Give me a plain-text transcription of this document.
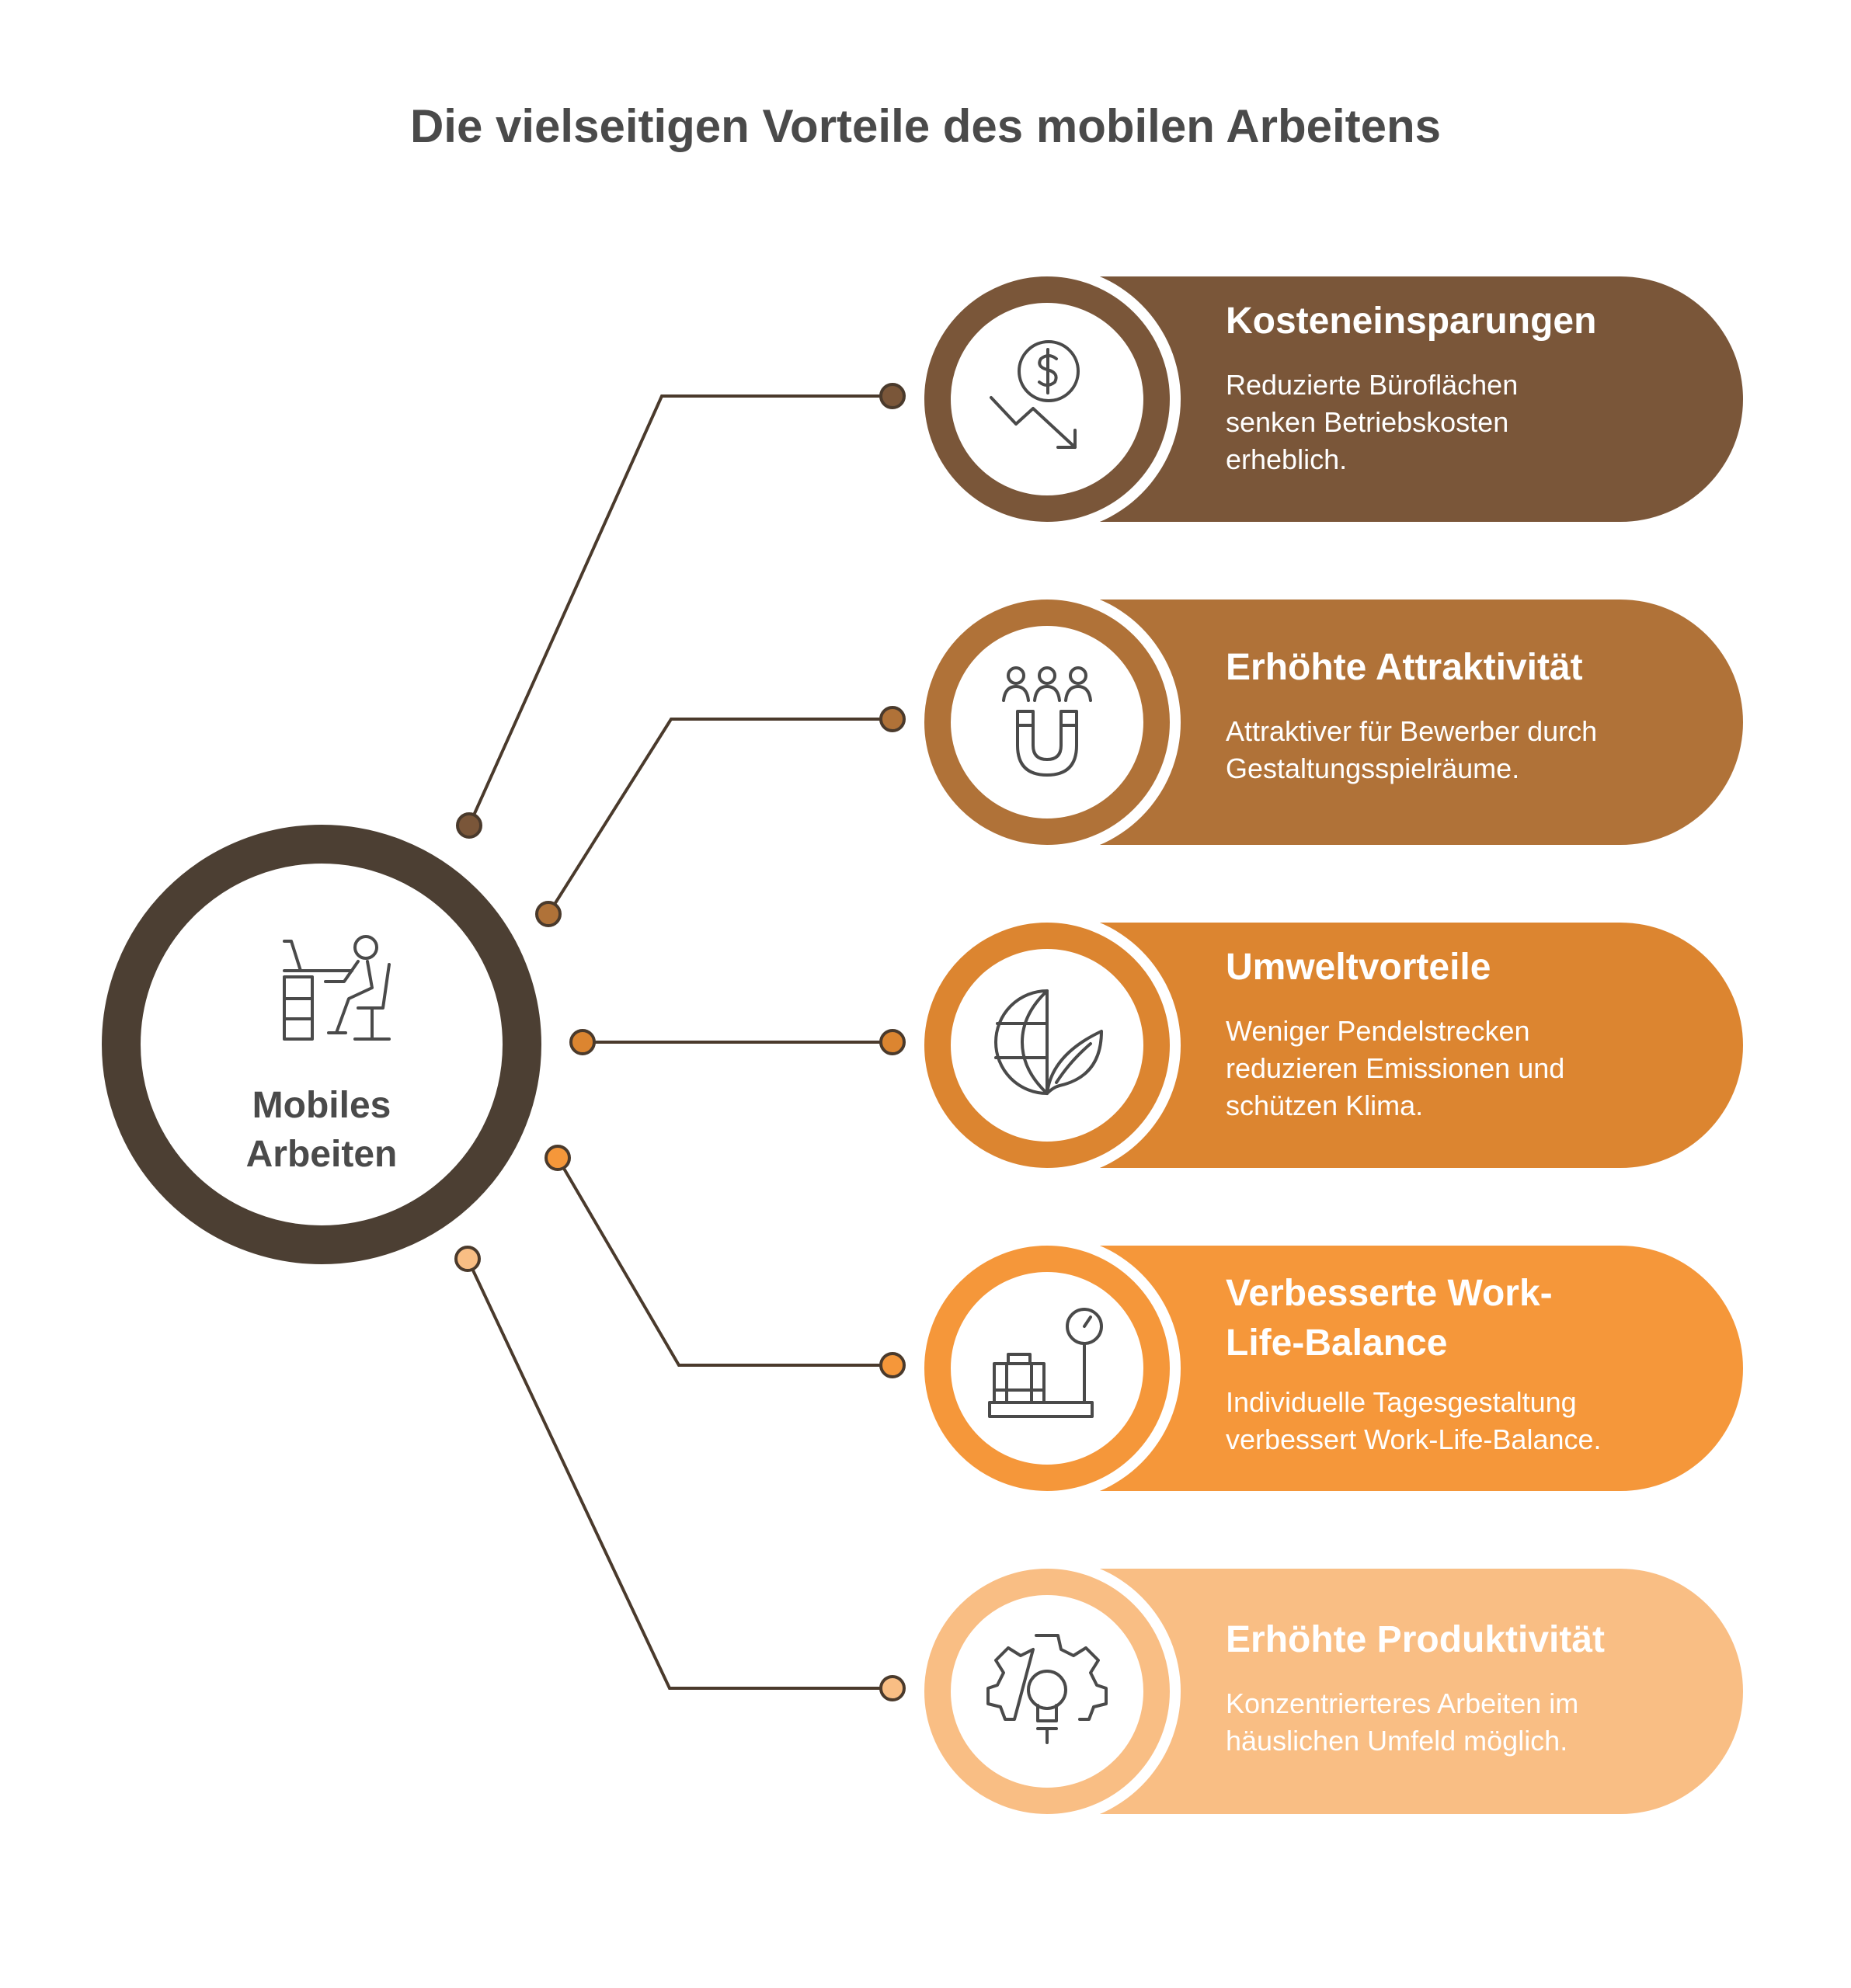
Die vielseitigen Vorteile des mobilen Arbeitens
Mobiles
Arbeiten
Kosteneinsparungen
Reduzierte Büroflächen senken Betriebskosten erheblich.
Erhöhte Attraktivität
Attraktiver für Bewerber durch Gestaltungsspielräume.
Umweltvorteile
Weniger Pendelstrecken reduzieren Emissionen und schützen Klima.
Verbesserte Work-Life-Balance
Individuelle Tagesgestaltung verbessert Work-Life-Balance.
Erhöhte Produktivität
Konzentrierteres Arbeiten im häuslichen Umfeld möglich.
